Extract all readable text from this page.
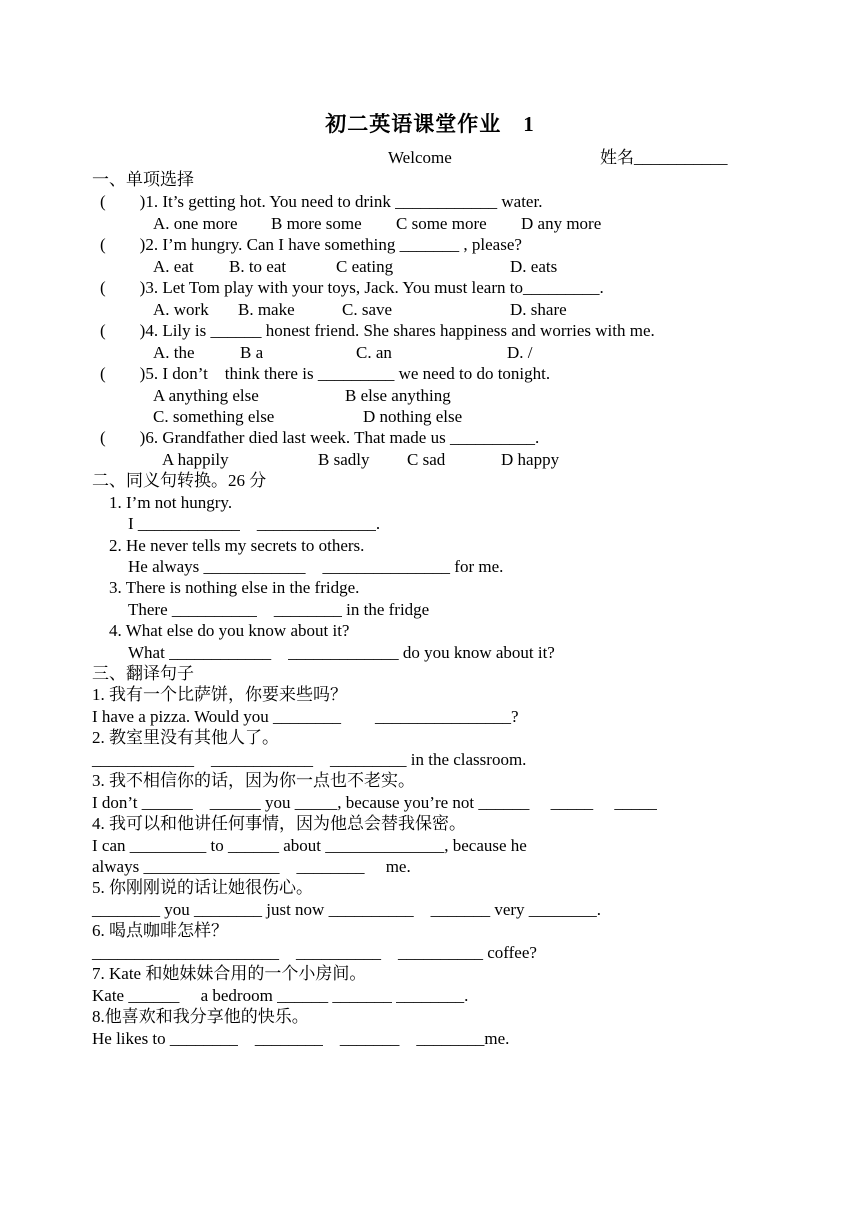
初二英语课堂作业　1
Welcome	姓名___________
一、单项选择
(　　)1. It’s getting hot. You need to drink ____________ water.
A. one more B more some C some more D any more
(　　)2. I’m hungry. Can I have something _______ , please?
A. eat B. to eat	C eating	D. eats
(　　)3. Let Tom play with your toys, Jack. You must learn to_________.
A. work B. make	C. save	D. share
(　　)4. Lily is ______ honest friend. She shares happiness and worries with me.
A. the	B a	C. an	D. /
(　　)5. I don’t　think there is _________ we need to do tonight.
A anything else	B else anything
C. something else	D nothing else
(　　)6. Grandfather died last week. That made us __________.
A happily	B sadly C sad	D happy
二、同义句转换。26 分
1. I’m not hungry.
I ____________　______________.
2. He never tells my secrets to others.
He always ____________　_______________ for me.
3. There is nothing else in the fridge.
There __________　________ in the fridge
4. What else do you know about it?
What ____________　_____________ do you know about it?
三、翻译句子
1. 我有一个比萨饼，你要来些吗？
I have a pizza. Would you ________　　________________?
2. 教室里没有其他人了。
____________　____________　_________ in the classroom.
3. 我不相信你的话，因为你一点也不老实。
I don’t ______　______ you _____, because you’re not ______　 _____　 _____
4. 我可以和他讲任何事情，因为他总会替我保密。
I can _________ to ______ about ______________, because he
always ________________　________　 me.
5. 你刚刚说的话让她很伤心。
________ you ________ just now __________　_______ very ________.
6. 喝点咖啡怎样？
______________________　__________　__________ coffee?
7. Kate 和她妹妹合用的一个小房间。
Kate ______　 a bedroom ______ _______ ________.
8.他喜欢和我分享他的快乐。
He likes to ________　________　_______　________me.
